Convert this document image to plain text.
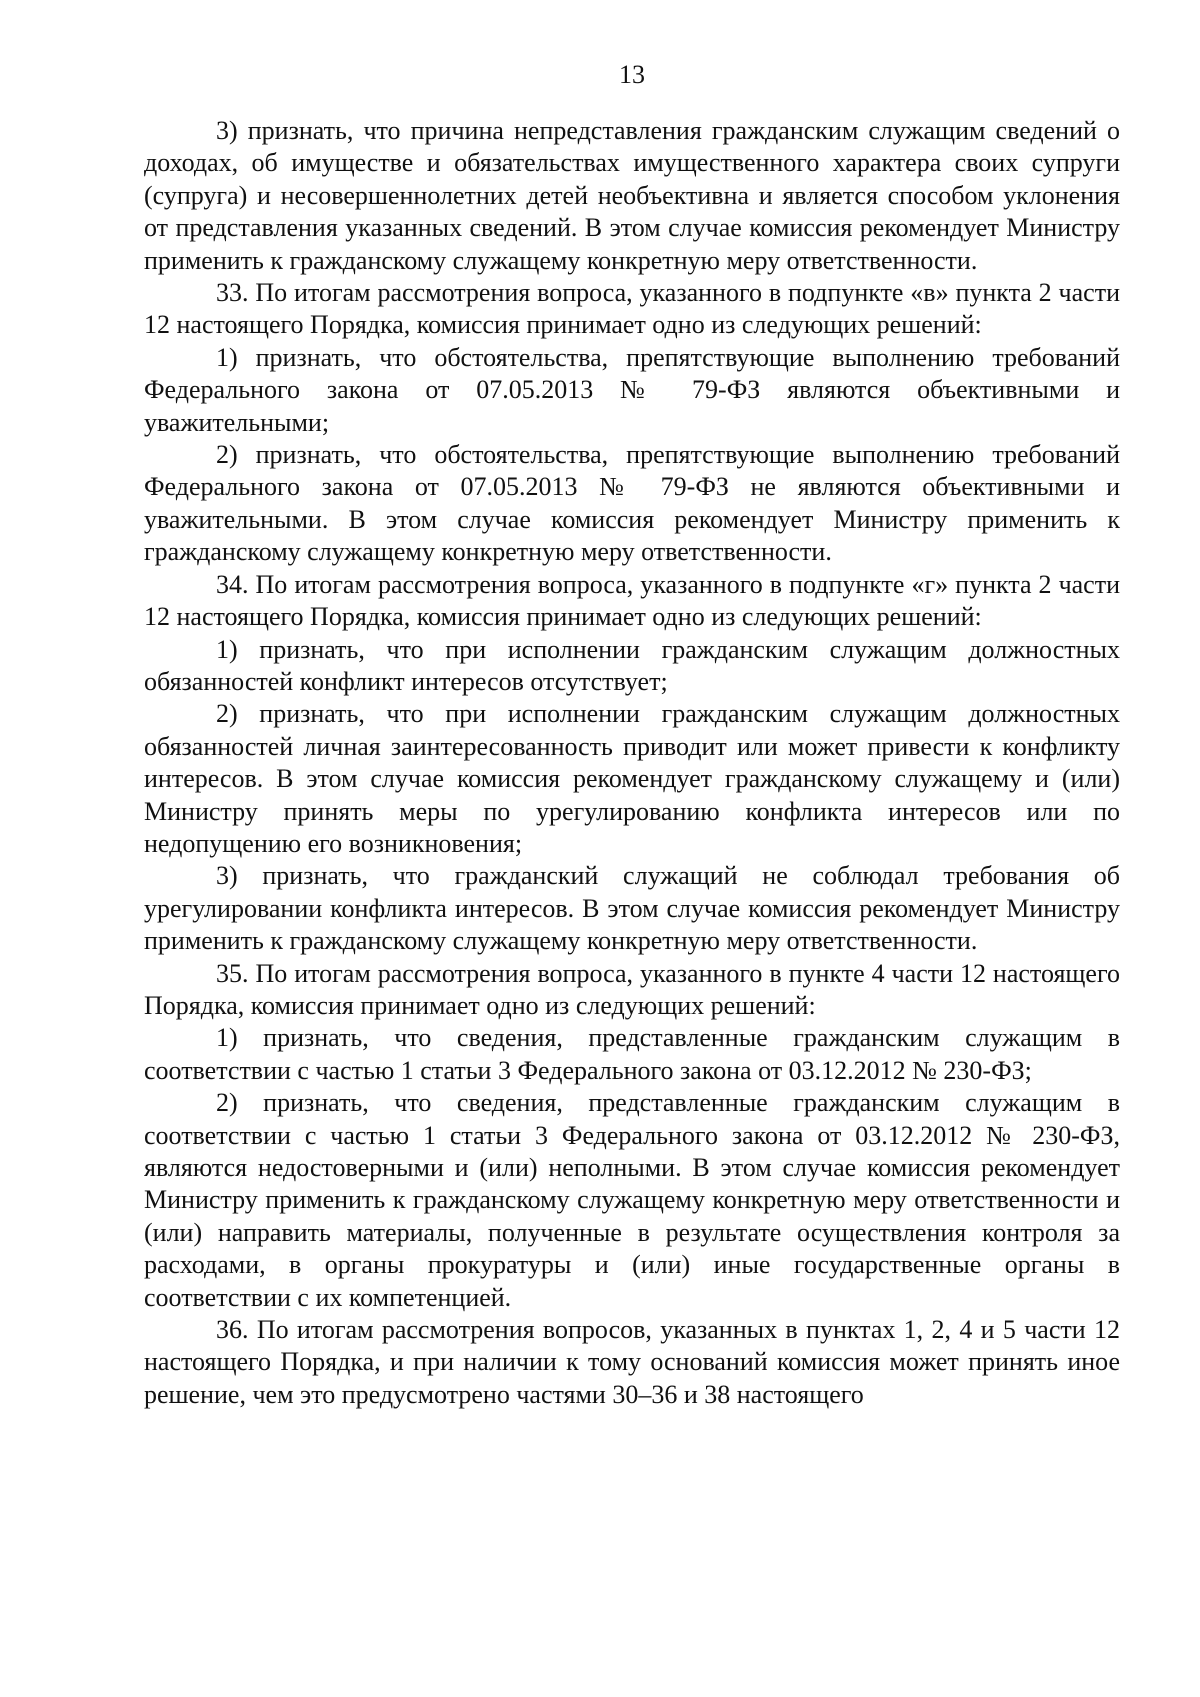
13

3) признать, что причина непредставления гражданским служащим сведений о доходах, об имуществе и обязательствах имущественного характера своих супруги (супруга) и несовершеннолетних детей необъективна и является способом уклонения от представления указанных сведений. В этом случае комиссия рекомендует Министру применить к гражданскому служащему конкретную меру ответственности.

33. По итогам рассмотрения вопроса, указанного в подпункте «в» пункта 2 части 12 настоящего Порядка, комиссия принимает одно из следующих решений:

1) признать, что обстоятельства, препятствующие выполнению требований Федерального закона от 07.05.2013 № 79-ФЗ являются объективными и уважительными;

2) признать, что обстоятельства, препятствующие выполнению требований Федерального закона от 07.05.2013 № 79-ФЗ не являются объективными и уважительными. В этом случае комиссия рекомендует Министру применить к гражданскому служащему конкретную меру ответственности.

34. По итогам рассмотрения вопроса, указанного в подпункте «г» пункта 2 части 12 настоящего Порядка, комиссия принимает одно из следующих решений:

1) признать, что при исполнении гражданским служащим должностных обязанностей конфликт интересов отсутствует;

2) признать, что при исполнении гражданским служащим должностных обязанностей личная заинтересованность приводит или может привести к конфликту интересов. В этом случае комиссия рекомендует гражданскому служащему и (или) Министру принять меры по урегулированию конфликта интересов или по недопущению его возникновения;

3) признать, что гражданский служащий не соблюдал требования об урегулировании конфликта интересов. В этом случае комиссия рекомендует Министру применить к гражданскому служащему конкретную меру ответственности.

35. По итогам рассмотрения вопроса, указанного в пункте 4 части 12 настоящего Порядка, комиссия принимает одно из следующих решений:

1) признать, что сведения, представленные гражданским служащим в соответствии с частью 1 статьи 3 Федерального закона от 03.12.2012 № 230-ФЗ;

2) признать, что сведения, представленные гражданским служащим в соответствии с частью 1 статьи 3 Федерального закона от 03.12.2012 № 230-ФЗ, являются недостоверными и (или) неполными. В этом случае комиссия рекомендует Министру применить к гражданскому служащему конкретную меру ответственности и (или) направить материалы, полученные в результате осуществления контроля за расходами, в органы прокуратуры и (или) иные государственные органы в соответствии с их компетенцией.

36. По итогам рассмотрения вопросов, указанных в пунктах 1, 2, 4 и 5 части 12 настоящего Порядка, и при наличии к тому оснований комиссия может принять иное решение, чем это предусмотрено частями 30–36 и 38 настоящего
